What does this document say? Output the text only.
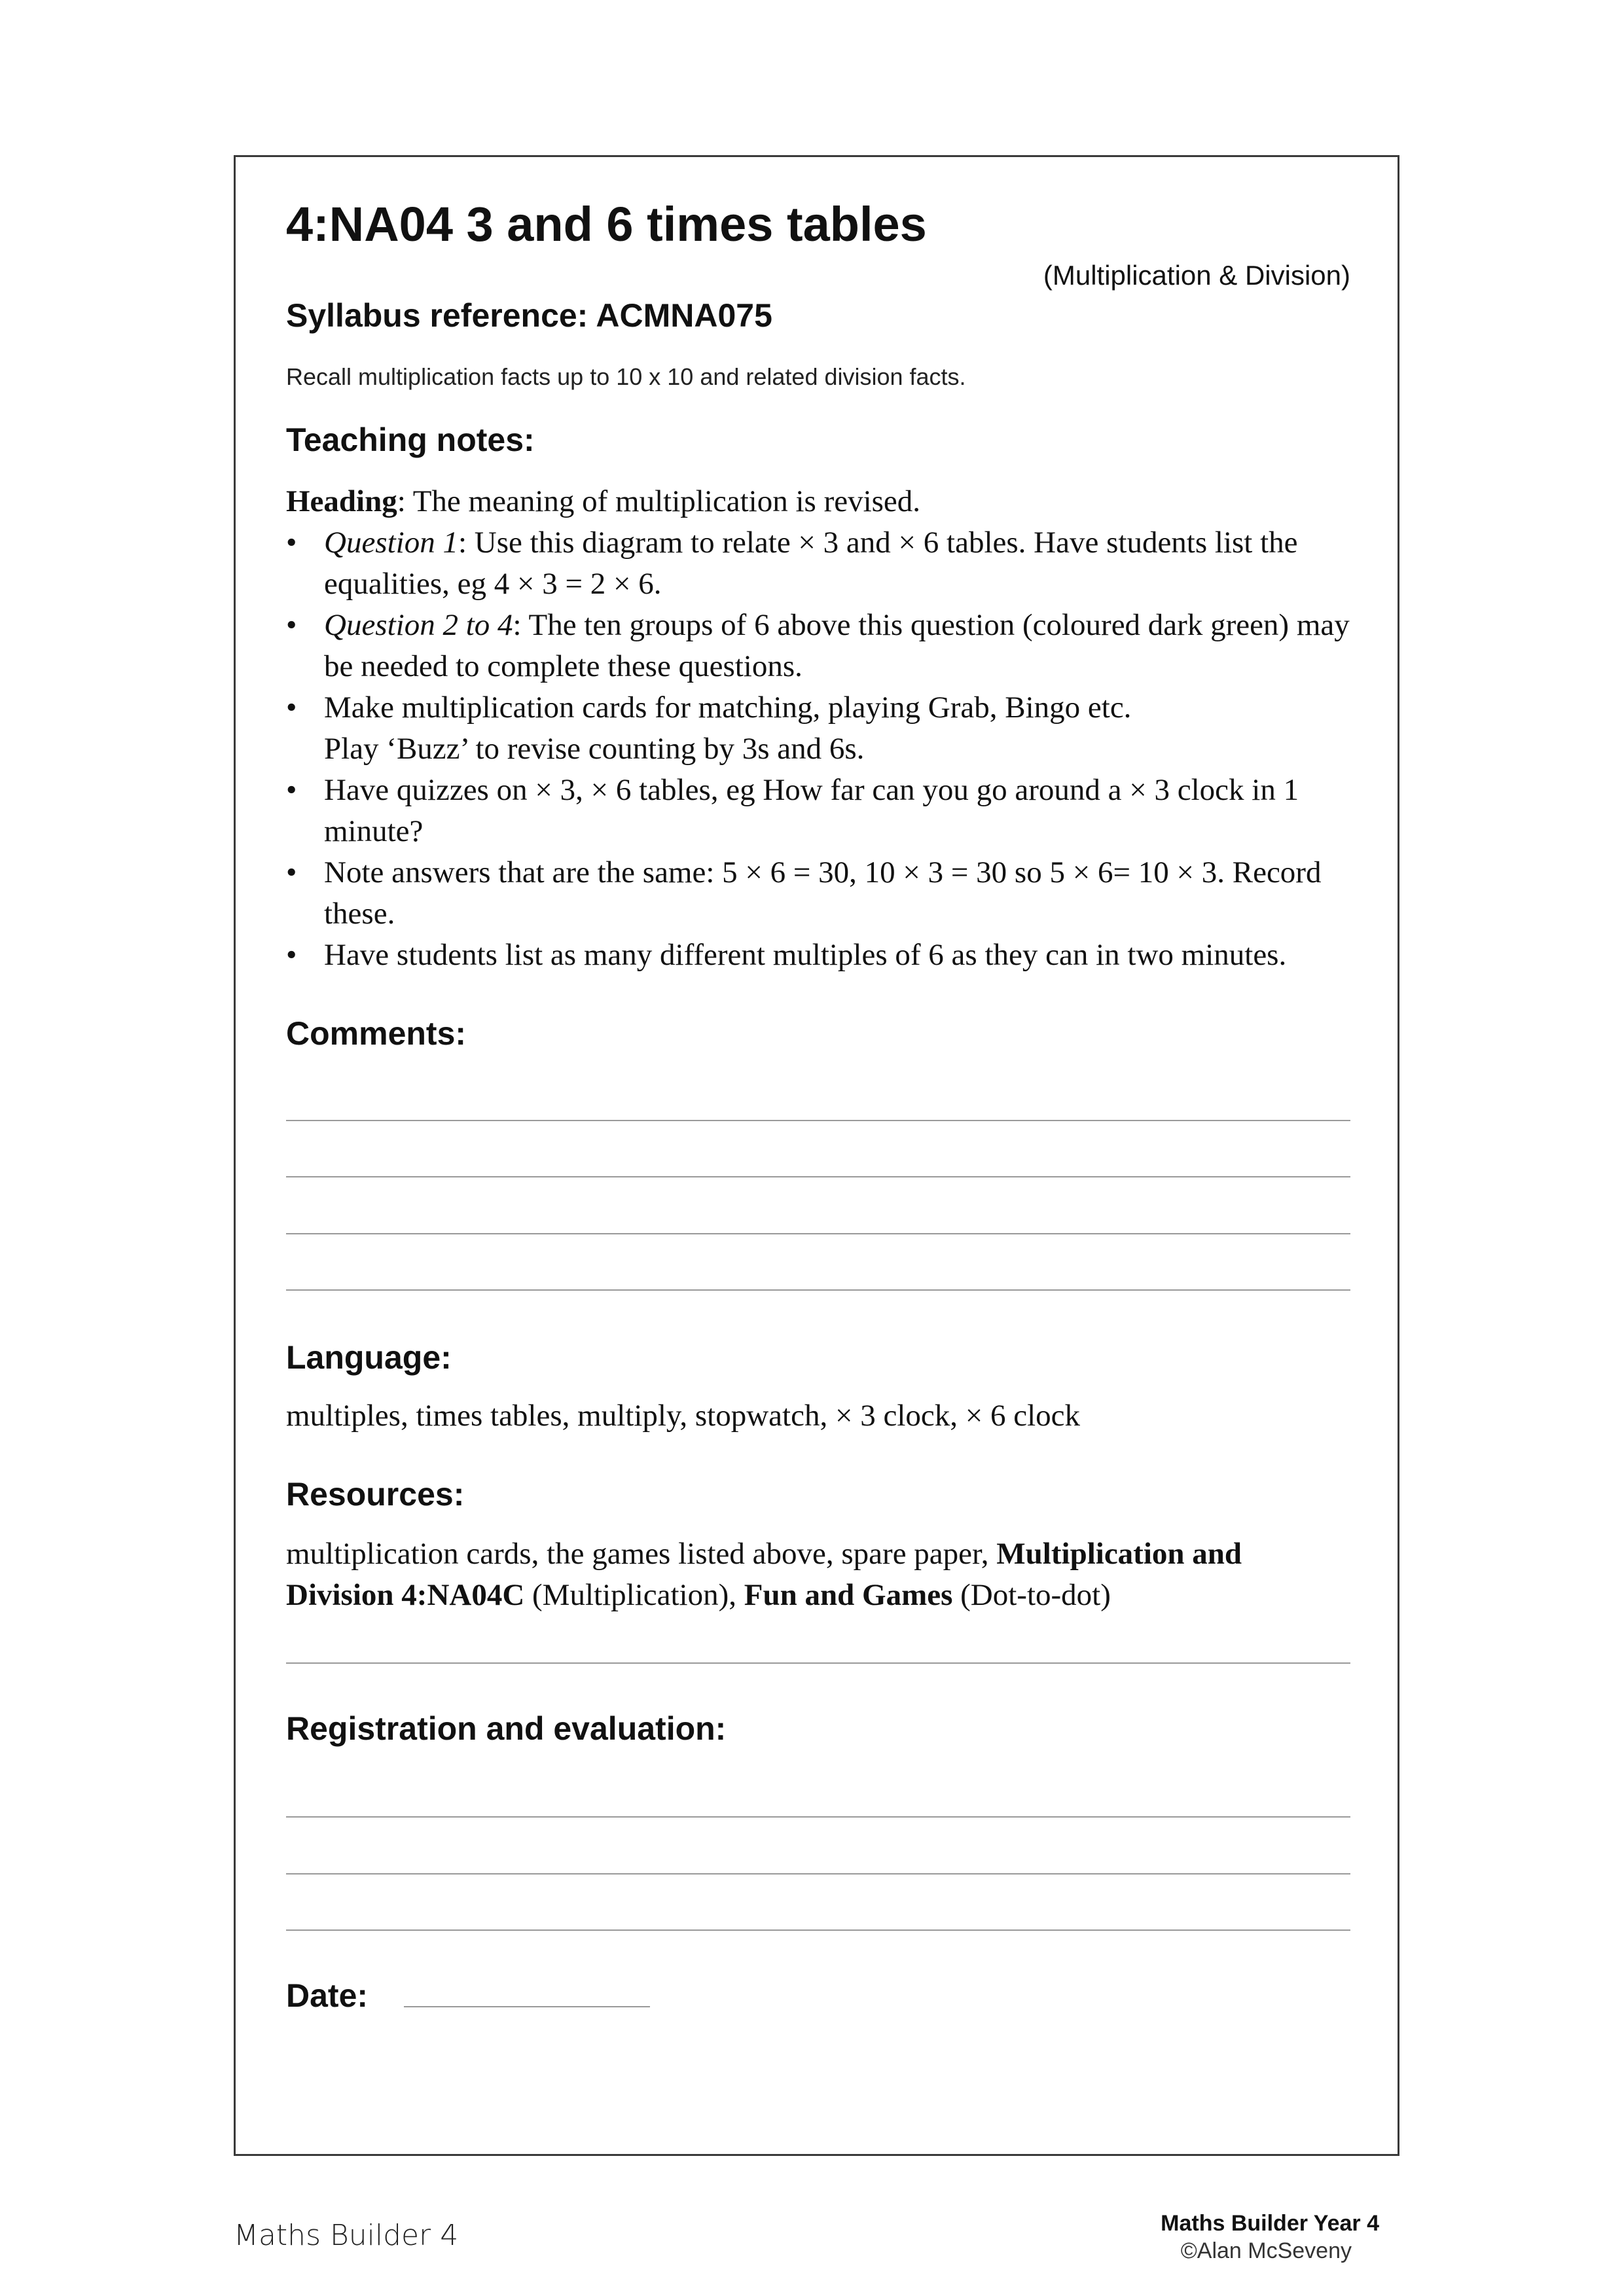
4:NA04 3 and 6 times tables
(Multiplication & Division)
Syllabus reference: ACMNA075
Recall multiplication facts up to 10 x 10 and related division facts.
Teaching notes:
Heading: The meaning of multiplication is revised.
• Question 1: Use this diagram to relate × 3 and × 6 tables. Have students list the equalities, eg 4 × 3 = 2 × 6.
• Question 2 to 4: The ten groups of 6 above this question (coloured dark green) may be needed to complete these questions.
• Make multiplication cards for matching, playing Grab, Bingo etc.
Play ‘Buzz’ to revise counting by 3s and 6s.
• Have quizzes on × 3, × 6 tables, eg How far can you go around a × 3 clock in 1 minute?
• Note answers that are the same: 5 × 6 = 30, 10 × 3 = 30 so 5 × 6= 10 × 3. Record these.
• Have students list as many different multiples of 6 as they can in two minutes.
Comments:
Language:
multiples, times tables, multiply, stopwatch, × 3 clock, × 6 clock
Resources:
multiplication cards, the games listed above, spare paper, Multiplication and Division 4:NA04C (Multiplication), Fun and Games (Dot-to-dot)
Registration and evaluation:
Date:
Maths Builder 4	Maths Builder Year 4
©Alan McSeveny
